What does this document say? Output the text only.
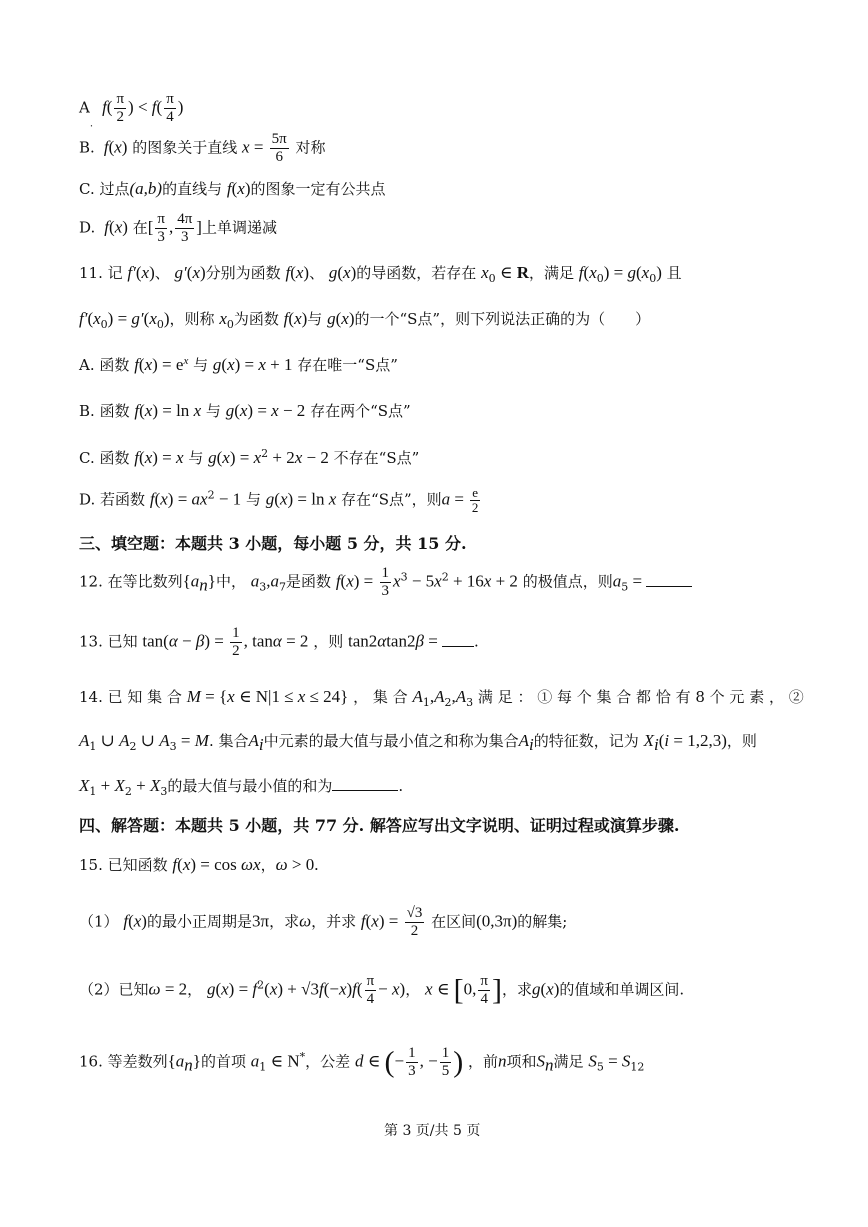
$A_.$  $f( \frac{\pi}{2}$ ) < $f( \frac{\pi}{4}$ )
B.  f(x) 的图象关于直线 $x = \frac{5\pi}{6}$ 对称
C. 过点(a,b)的直线与 f(x)的图象一定有公共点
D.  f(x) 在[ $\frac{\pi}{3}$ , $\frac{4\pi}{3}$ ]上单调递减
11. 记 f′(x)、 g′(x)分别为函数 f(x)、 g(x)的导函数，若存在 $x_0$ ∈ R，满足 $f(x_0) = g(x_0)$ 且
$f'(x_0) = g'(x_0)$，则称 $x_0$为函数 f(x)与 g(x)的一个“S点”，则下列说法正确的为（　　）
A. 函数 $f(x) = e^x$ 与 g(x) = x + 1 存在唯一“S点”
B. 函数 f(x) = ln x 与 g(x) = x − 2 存在两个“S点”
C. 函数 f(x) = x 与 $g(x) = x^2 + 2x - 2$ 不存在“S点”
D. 若函数 $f(x) = ax^2 - 1$ 与 g(x) = ln x 存在“S点”，则$a = \frac{e}{2}$
三、填空题：本题共 3 小题，每小题 5 分，共 15 分.
12. 在等比数列$\{a_n\}$中， $a_3,a_7$是函数 $f(x) = \frac{1}{3} x^3 - 5x^2 + 16x + 2$ 的极值点，则$a_5$ =
13. 已知 $\tan(\alpha - \beta) = \frac{1}{2}$ , tanα = 2 ，则 tan2αtan2β = .
14. 已 知 集 合 M = {x ∈ N|1 ≤ x ≤ 24} ， 集 合 $A_1,A_2,A_3$ 满 足 ： ① 每 个 集 合 都 恰 有 8 个 元 素 ， ②
$A_1$ ∪ $A_2$ ∪ $A_3 = M$. 集合$A_i$中元素的最大值与最小值之和称为集合$A_i$的特征数，记为 $X_i(i = 1,2,3)$，则
$X_1 + X_2 + X_3$的最大值与最小值的和为	.
四、解答题：本题共 5 小题，共 77 分. 解答应写出文字说明、证明过程或演算步骤.
15. 已知函数 f(x) = cos ωx，ω > 0.
（1） f(x)的最小正周期是3π，求ω，并求 $f(x) = \frac{√3}{2}$ 在区间(0,3π)的解集;
（2）已知ω = 2， $g(x) = f^2(x) + √3f(-x)f( \frac{\pi}{4} - x)$， x ∈ [0, $\frac{\pi}{4}$ ]，求g(x)的值域和单调区间.
16. 等差数列$\{a_n\}$的首项 $a_1$ ∈ N*，公差 d ∈ (− $\frac{1}{3}$ , − $\frac{1}{5}$ ) ，前n项和$S_n$满足 $S_5 = S_{12}$
第 3 页/共 5 页
